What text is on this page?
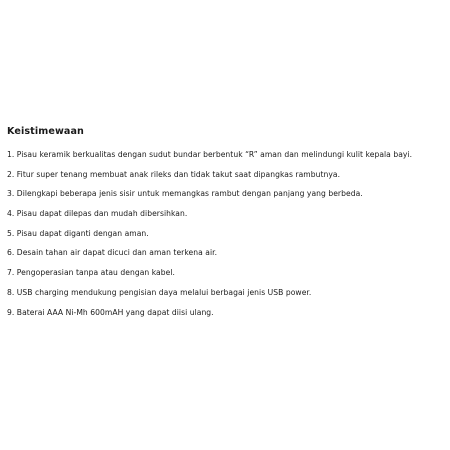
Keistimewaan
1. Pisau keramik berkualitas dengan sudut bundar berbentuk “R” aman dan melindungi kulit kepala bayi.
2. Fitur super tenang membuat anak rileks dan tidak takut saat dipangkas rambutnya.
3. Dilengkapi beberapa jenis sisir untuk memangkas rambut dengan panjang yang berbeda.
4. Pisau dapat dilepas dan mudah dibersihkan.
5. Pisau dapat diganti dengan aman.
6. Desain tahan air dapat dicuci dan aman terkena air.
7. Pengoperasian tanpa atau dengan kabel.
8. USB charging mendukung pengisian daya melalui berbagai jenis USB power.
9. Baterai AAA Ni-Mh 600mAH yang dapat diisi ulang.
